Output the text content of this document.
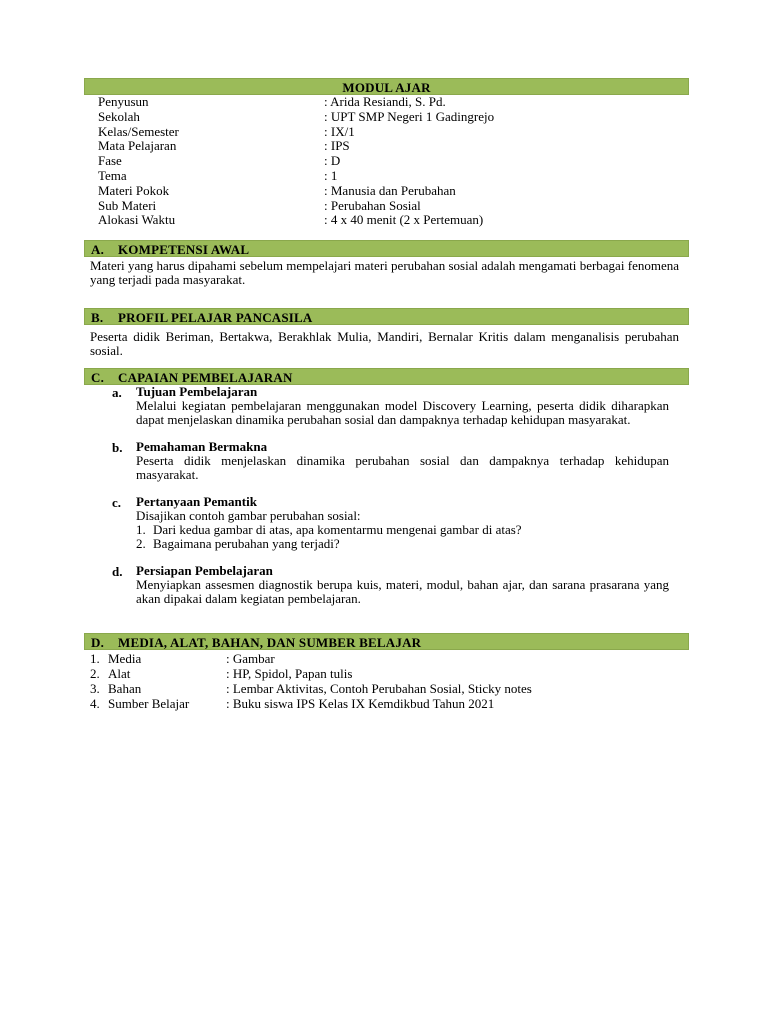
MODUL AJAR
Penyusun	: Arida Resiandi, S. Pd.
Sekolah	: UPT SMP Negeri 1 Gadingrejo
Kelas/Semester	: IX/1
Mata Pelajaran	: IPS
Fase	: D
Tema	: 1
Materi Pokok	: Manusia dan Perubahan
Sub Materi	: Perubahan Sosial
Alokasi Waktu	: 4 x 40 menit (2 x Pertemuan)
A. KOMPETENSI AWAL

Materi yang harus dipahami sebelum mempelajari materi perubahan sosial adalah mengamati berbagai fenomena yang terjadi pada masyarakat.

B. PROFIL PELAJAR PANCASILA

Peserta didik Beriman, Bertakwa, Berakhlak Mulia, Mandiri, Bernalar Kritis dalam menganalisis perubahan sosial.

C. CAPAIAN PEMBELAJARAN
a.	Tujuan Pembelajaran
Melalui kegiatan pembelajaran menggunakan model Discovery Learning, peserta didik diharapkan dapat menjelaskan dinamika perubahan sosial dan dampaknya terhadap kehidupan masyarakat.
b.	Pemahaman Bermakna
Peserta didik menjelaskan dinamika perubahan sosial dan dampaknya terhadap kehidupan masyarakat.
c.	Pertanyaan Pemantik
Disajikan contoh gambar perubahan sosial:
1. Dari kedua gambar di atas, apa komentarmu mengenai gambar di atas?
2. Bagaimana perubahan yang terjadi?
d.	Persiapan Pembelajaran
Menyiapkan assesmen diagnostik berupa kuis, materi, modul, bahan ajar, dan sarana prasarana yang akan dipakai dalam kegiatan pembelajaran.
D. MEDIA, ALAT, BAHAN, DAN SUMBER BELAJAR
1. Media	: Gambar
2. Alat	: HP, Spidol, Papan tulis
3. Bahan	: Lembar Aktivitas, Contoh Perubahan Sosial, Sticky notes
4. Sumber Belajar	: Buku siswa IPS Kelas IX Kemdikbud Tahun 2021
